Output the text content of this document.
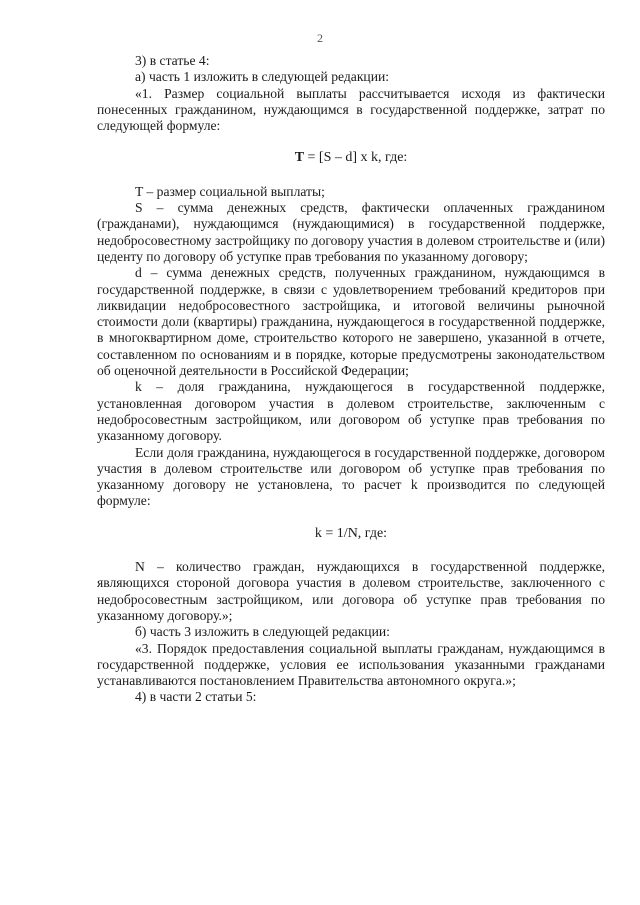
2

3) в статье 4:

а) часть 1 изложить в следующей редакции:

«1. Размер социальной выплаты рассчитывается исходя из фактически понесенных гражданином, нуждающимся в государственной поддержке, затрат по следующей формуле:

T = [S – d] x k, где:

T – размер социальной выплаты;

S – сумма денежных средств, фактически оплаченных гражданином (гражданами), нуждающимся (нуждающимися) в государственной поддержке, недобросовестному застройщику по договору участия в долевом строительстве и (или) цеденту по договору об уступке прав требования по указанному договору;

d – сумма денежных средств, полученных гражданином, нуждающимся в государственной поддержке, в связи с удовлетворением требований кредиторов при ликвидации недобросовестного застройщика, и итоговой величины рыночной стоимости доли (квартиры) гражданина, нуждающегося в государственной поддержке, в многоквартирном доме, строительство которого не завершено, указанной в отчете, составленном по основаниям и в порядке, которые предусмотрены законодательством об оценочной деятельности в Российской Федерации;

k – доля гражданина, нуждающегося в государственной поддержке, установленная договором участия в долевом строительстве, заключенным с недобросовестным застройщиком, или договором об уступке прав требования по указанному договору.

Если доля гражданина, нуждающегося в государственной поддержке, договором участия в долевом строительстве или договором об уступке прав требования по указанному договору не установлена, то расчет k производится по следующей формуле:

k = 1/N, где:

N – количество граждан, нуждающихся в государственной поддержке, являющихся стороной договора участия в долевом строительстве, заключенного с недобросовестным застройщиком, или договора об уступке прав требования по указанному договору.»;

б) часть 3 изложить в следующей редакции:

«3. Порядок предоставления социальной выплаты гражданам, нуждающимся в государственной поддержке, условия ее использования указанными гражданами устанавливаются постановлением Правительства автономного округа.»;

4) в части 2 статьи 5:
